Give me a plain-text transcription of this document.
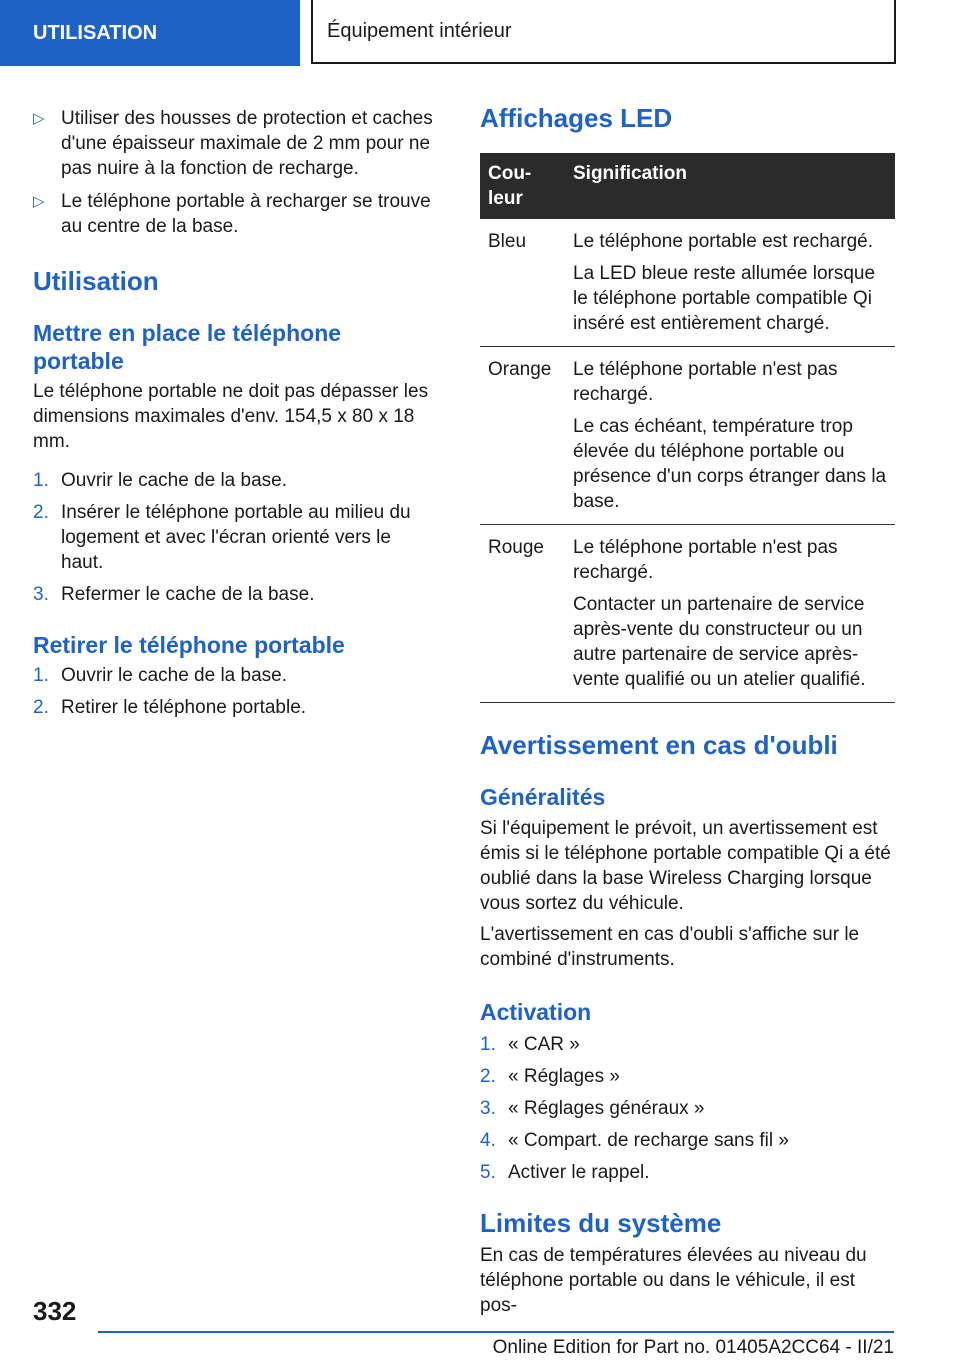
UTILISATION	Équipement intérieur
▷ Utiliser des housses de protection et caches d'une épaisseur maximale de 2 mm pour ne pas nuire à la fonction de recharge.
▷ Le téléphone portable à recharger se trouve au centre de la base.
Utilisation
Mettre en place le téléphone portable

Le téléphone portable ne doit pas dépasser les dimensions maximales d'env. 154,5 x 80 x 18 mm.

1. Ouvrir le cache de la base.
2. Insérer le téléphone portable au milieu du logement et avec l'écran orienté vers le haut.
3. Refermer le cache de la base.
Retirer le téléphone portable
1. Ouvrir le cache de la base.
2. Retirer le téléphone portable.
Affichages LED
Cou-leur	Signification
Bleu	Le téléphone portable est rechargé.
La LED bleue reste allumée lorsque le téléphone portable compatible Qi inséré est entièrement chargé.

Orange	Le téléphone portable n'est pas rechargé.
Le cas échéant, température trop élevée du téléphone portable ou présence d'un corps étranger dans la base.

Rouge	Le téléphone portable n'est pas rechargé.
Contacter un partenaire de service après-vente du constructeur ou un autre partenaire de service après-vente qualifié ou un atelier qualifié.
Avertissement en cas d'oubli
Généralités

Si l'équipement le prévoit, un avertissement est émis si le téléphone portable compatible Qi a été oublié dans la base Wireless Charging lorsque vous sortez du véhicule.

L'avertissement en cas d'oubli s'affiche sur le combiné d'instruments.

Activation
1. « CAR »
2. « Réglages »
3. « Réglages généraux »
4. « Compart. de recharge sans fil »
5. Activer le rappel.
Limites du système

En cas de températures élevées au niveau du téléphone portable ou dans le véhicule, il est pos-

332
Online Edition for Part no. 01405A2CC64 - II/21
